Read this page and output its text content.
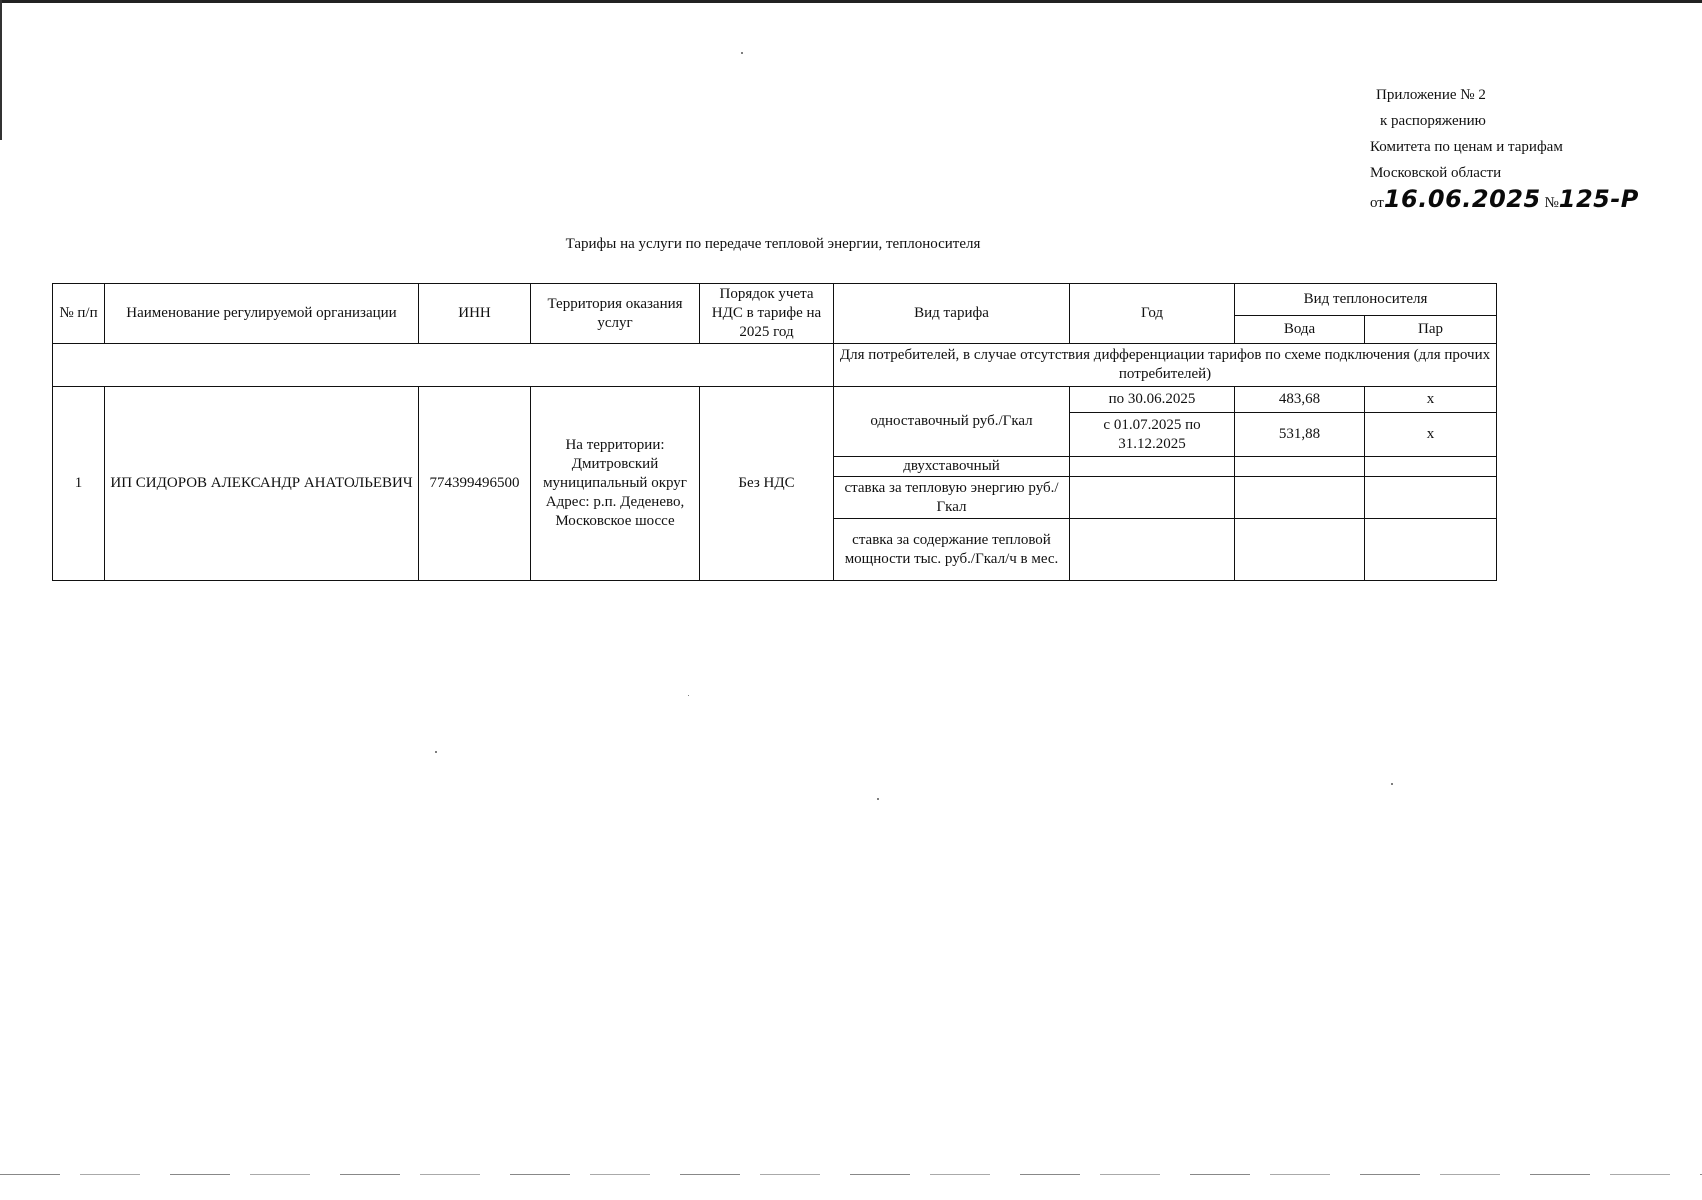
Приложение № 2
к распоряжению
Комитета по ценам и тарифам
Московской области
от16.06.2025 №125-Р
Тарифы на услуги по передаче тепловой энергии, теплоносителя
№ п/п	Наименование регулируемой организации	ИНН	Территория оказания услуг	Порядок учета НДС в тарифе на 2025 год	Вид тарифа	Год	Вид теплоносителя	
							Вода	Пар
					Для потребителей, в случае отсутствия дифференциации тарифов по схеме подключения (для прочих потребителей)			
1	ИП СИДОРОВ АЛЕКСАНДР АНАТОЛЬЕВИЧ	774399496500	На территории: Дмитровский муниципальный округ Адрес: р.п. Деденево, Московское шоссе	Без НДС	одноставочный руб./Гкал	по 30.06.2025	483,68	х
						с 01.07.2025 по 31.12.2025	531,88	х
					двухставочный			
					ставка за тепловую энергию руб./Гкал			
					ставка за содержание тепловой мощности тыс. руб./Гкал/ч в мес.			
